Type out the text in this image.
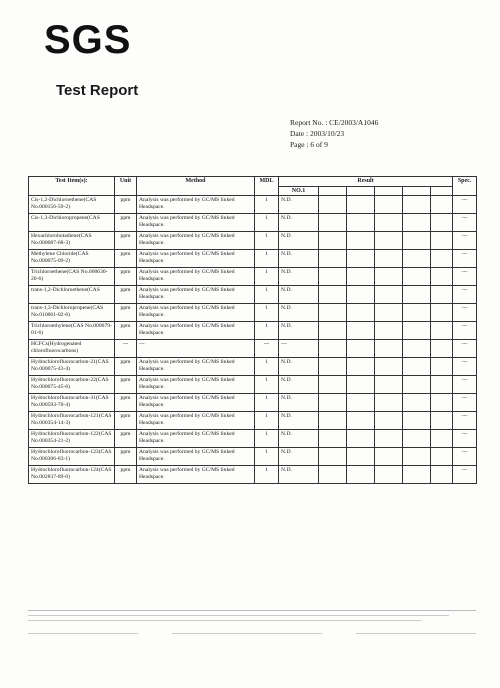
SGS
Test Report
Report No. : CE/2003/A1046
Date : 2003/10/23
Page : 6 of 9
Test Item(s):	Unit	Method	MDL	Result						Spec.
				NO.1						
Cis-1,2-Dichloroethene(CAS No.000156-59-2)	ppm	Analysis was performed by GC/MS linked Headspace.	1	N.D.						---
Cis-1,3-Dichloropropene(CAS	ppm	Analysis was performed by GC/MS linked Headspace.	1	N.D.						---
Hexachlorobutadiene(CAS No.000087-68-3)	ppm	Analysis was performed by GC/MS linked Headspace.	1	N.D.						---
Methylene Chloride(CAS No.000075-09-2)	ppm	Analysis was performed by GC/MS linked Headspace.	1	N.D.						---
Trichloroethene(CAS No.000630-20-6)	ppm	Analysis was performed by GC/MS linked Headspace.	1	N.D.						---
trans-1,2-Dichloroethene(CAS	ppm	Analysis was performed by GC/MS linked Headspace.	1	N.D.						---
trans-1,3-Dichloropropene(CAS No.010061-02-6)	ppm	Analysis was performed by GC/MS linked Headspace.	1	N.D.						---
Trichloroethylene(CAS No.000079-01-6)	ppm	Analysis was performed by GC/MS linked Headspace.	1	N.D.						---
HCFCs(Hydrogenated chlorofluorocarbons)	---	---	---	---						---
Hydrochlorofluorocarbon-21(CAS No.000075-43-4)	ppm	Analysis was performed by GC/MS linked Headspace.	1	N.D.						---
Hydrochlorofluorocarbon-22(CAS No.000075-45-6)	ppm	Analysis was performed by GC/MS linked Headspace.	1	N.D.						---
Hydrochlorofluorocarbon-31(CAS No.000593-70-4)	ppm	Analysis was performed by GC/MS linked Headspace.	1	N.D.						---
Hydrochlorofluorocarbon-121(CAS No.000354-14-3)	ppm	Analysis was performed by GC/MS linked Headspace.	1	N.D.						---
Hydrochlorofluorocarbon-122(CAS No.000354-21-2)	ppm	Analysis was performed by GC/MS linked Headspace.	1	N.D.						---
Hydrochlorofluorocarbon-123(CAS No.000306-83-1)	ppm	Analysis was performed by GC/MS linked Headspace.	1	N.D.						---
Hydrochlorofluorocarbon-124(CAS No.002837-89-0)	ppm	Analysis was performed by GC/MS linked Headspace.	1	N.D.						---
